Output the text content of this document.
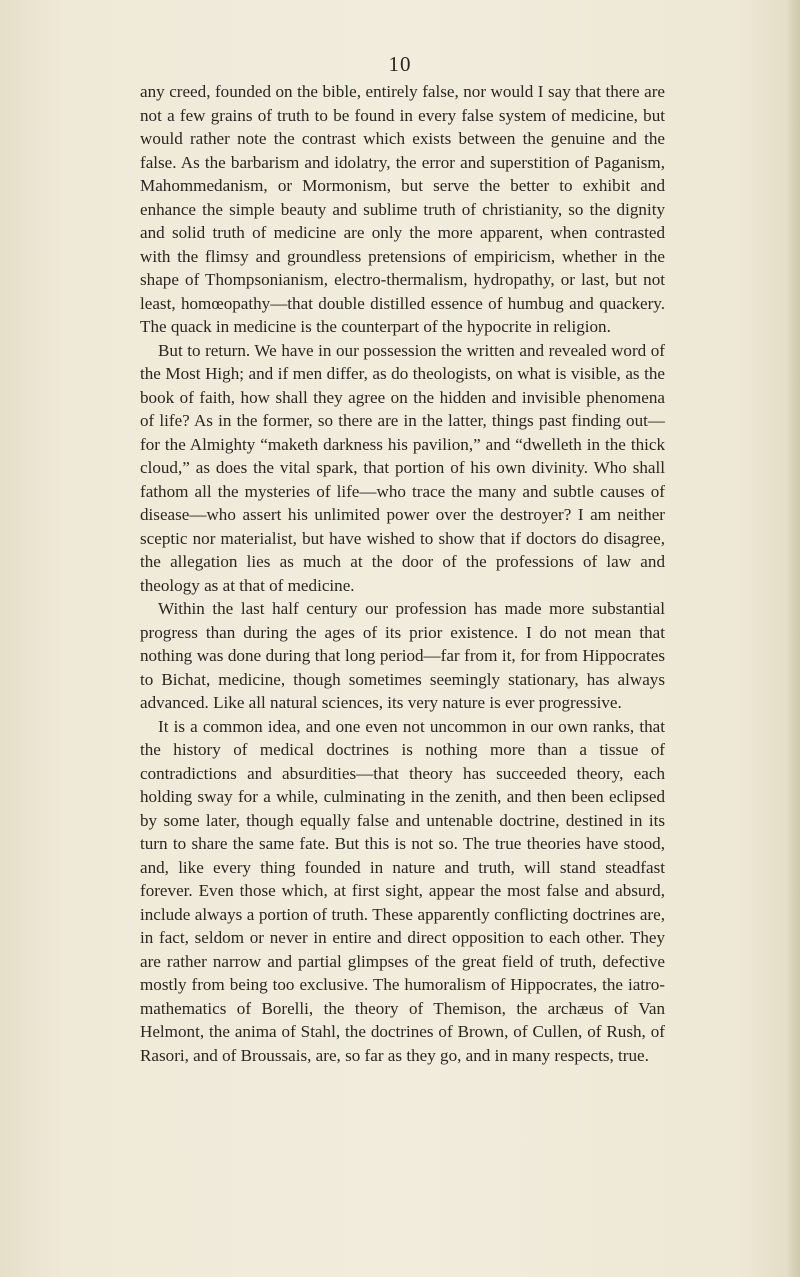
10

any creed, founded on the bible, entirely false, nor would I say that there are not a few grains of truth to be found in every false system of medicine, but would rather note the contrast which exists between the genuine and the false. As the barbarism and idolatry, the error and superstition of Paganism, Mahommedanism, or Mormonism, but serve the better to exhibit and enhance the simple beauty and sublime truth of christianity, so the dignity and solid truth of medicine are only the more apparent, when contrasted with the flimsy and groundless pretensions of empiricism, whether in the shape of Thompsonianism, electro-thermalism, hydropathy, or last, but not least, homœopathy—that double distilled essence of humbug and quackery. The quack in medicine is the counterpart of the hypocrite in religion.

But to return. We have in our possession the written and revealed word of the Most High; and if men differ, as do theologists, on what is visible, as the book of faith, how shall they agree on the hidden and invisible phenomena of life? As in the former, so there are in the latter, things past finding out—for the Almighty “maketh darkness his pavilion,” and “dwelleth in the thick cloud,” as does the vital spark, that portion of his own divinity. Who shall fathom all the mysteries of life—who trace the many and subtle causes of disease—who assert his unlimited power over the destroyer? I am neither sceptic nor materialist, but have wished to show that if doctors do disagree, the allegation lies as much at the door of the professions of law and theology as at that of medicine.

Within the last half century our profession has made more substantial progress than during the ages of its prior existence. I do not mean that nothing was done during that long period—far from it, for from Hippocrates to Bichat, medicine, though sometimes seemingly stationary, has always advanced. Like all natural sciences, its very nature is ever progressive.

It is a common idea, and one even not uncommon in our own ranks, that the history of medical doctrines is nothing more than a tissue of contradictions and absurdities—that theory has succeeded theory, each holding sway for a while, culminating in the zenith, and then been eclipsed by some later, though equally false and untenable doctrine, destined in its turn to share the same fate. But this is not so. The true theories have stood, and, like every thing founded in nature and truth, will stand steadfast forever. Even those which, at first sight, appear the most false and absurd, include always a portion of truth. These apparently conflicting doctrines are, in fact, seldom or never in entire and direct opposition to each other. They are rather narrow and partial glimpses of the great field of truth, defective mostly from being too exclusive. The humoralism of Hippocrates, the iatro-mathematics of Borelli, the theory of Themison, the archæus of Van Helmont, the anima of Stahl, the doctrines of Brown, of Cullen, of Rush, of Rasori, and of Broussais, are, so far as they go, and in many respects, true.
